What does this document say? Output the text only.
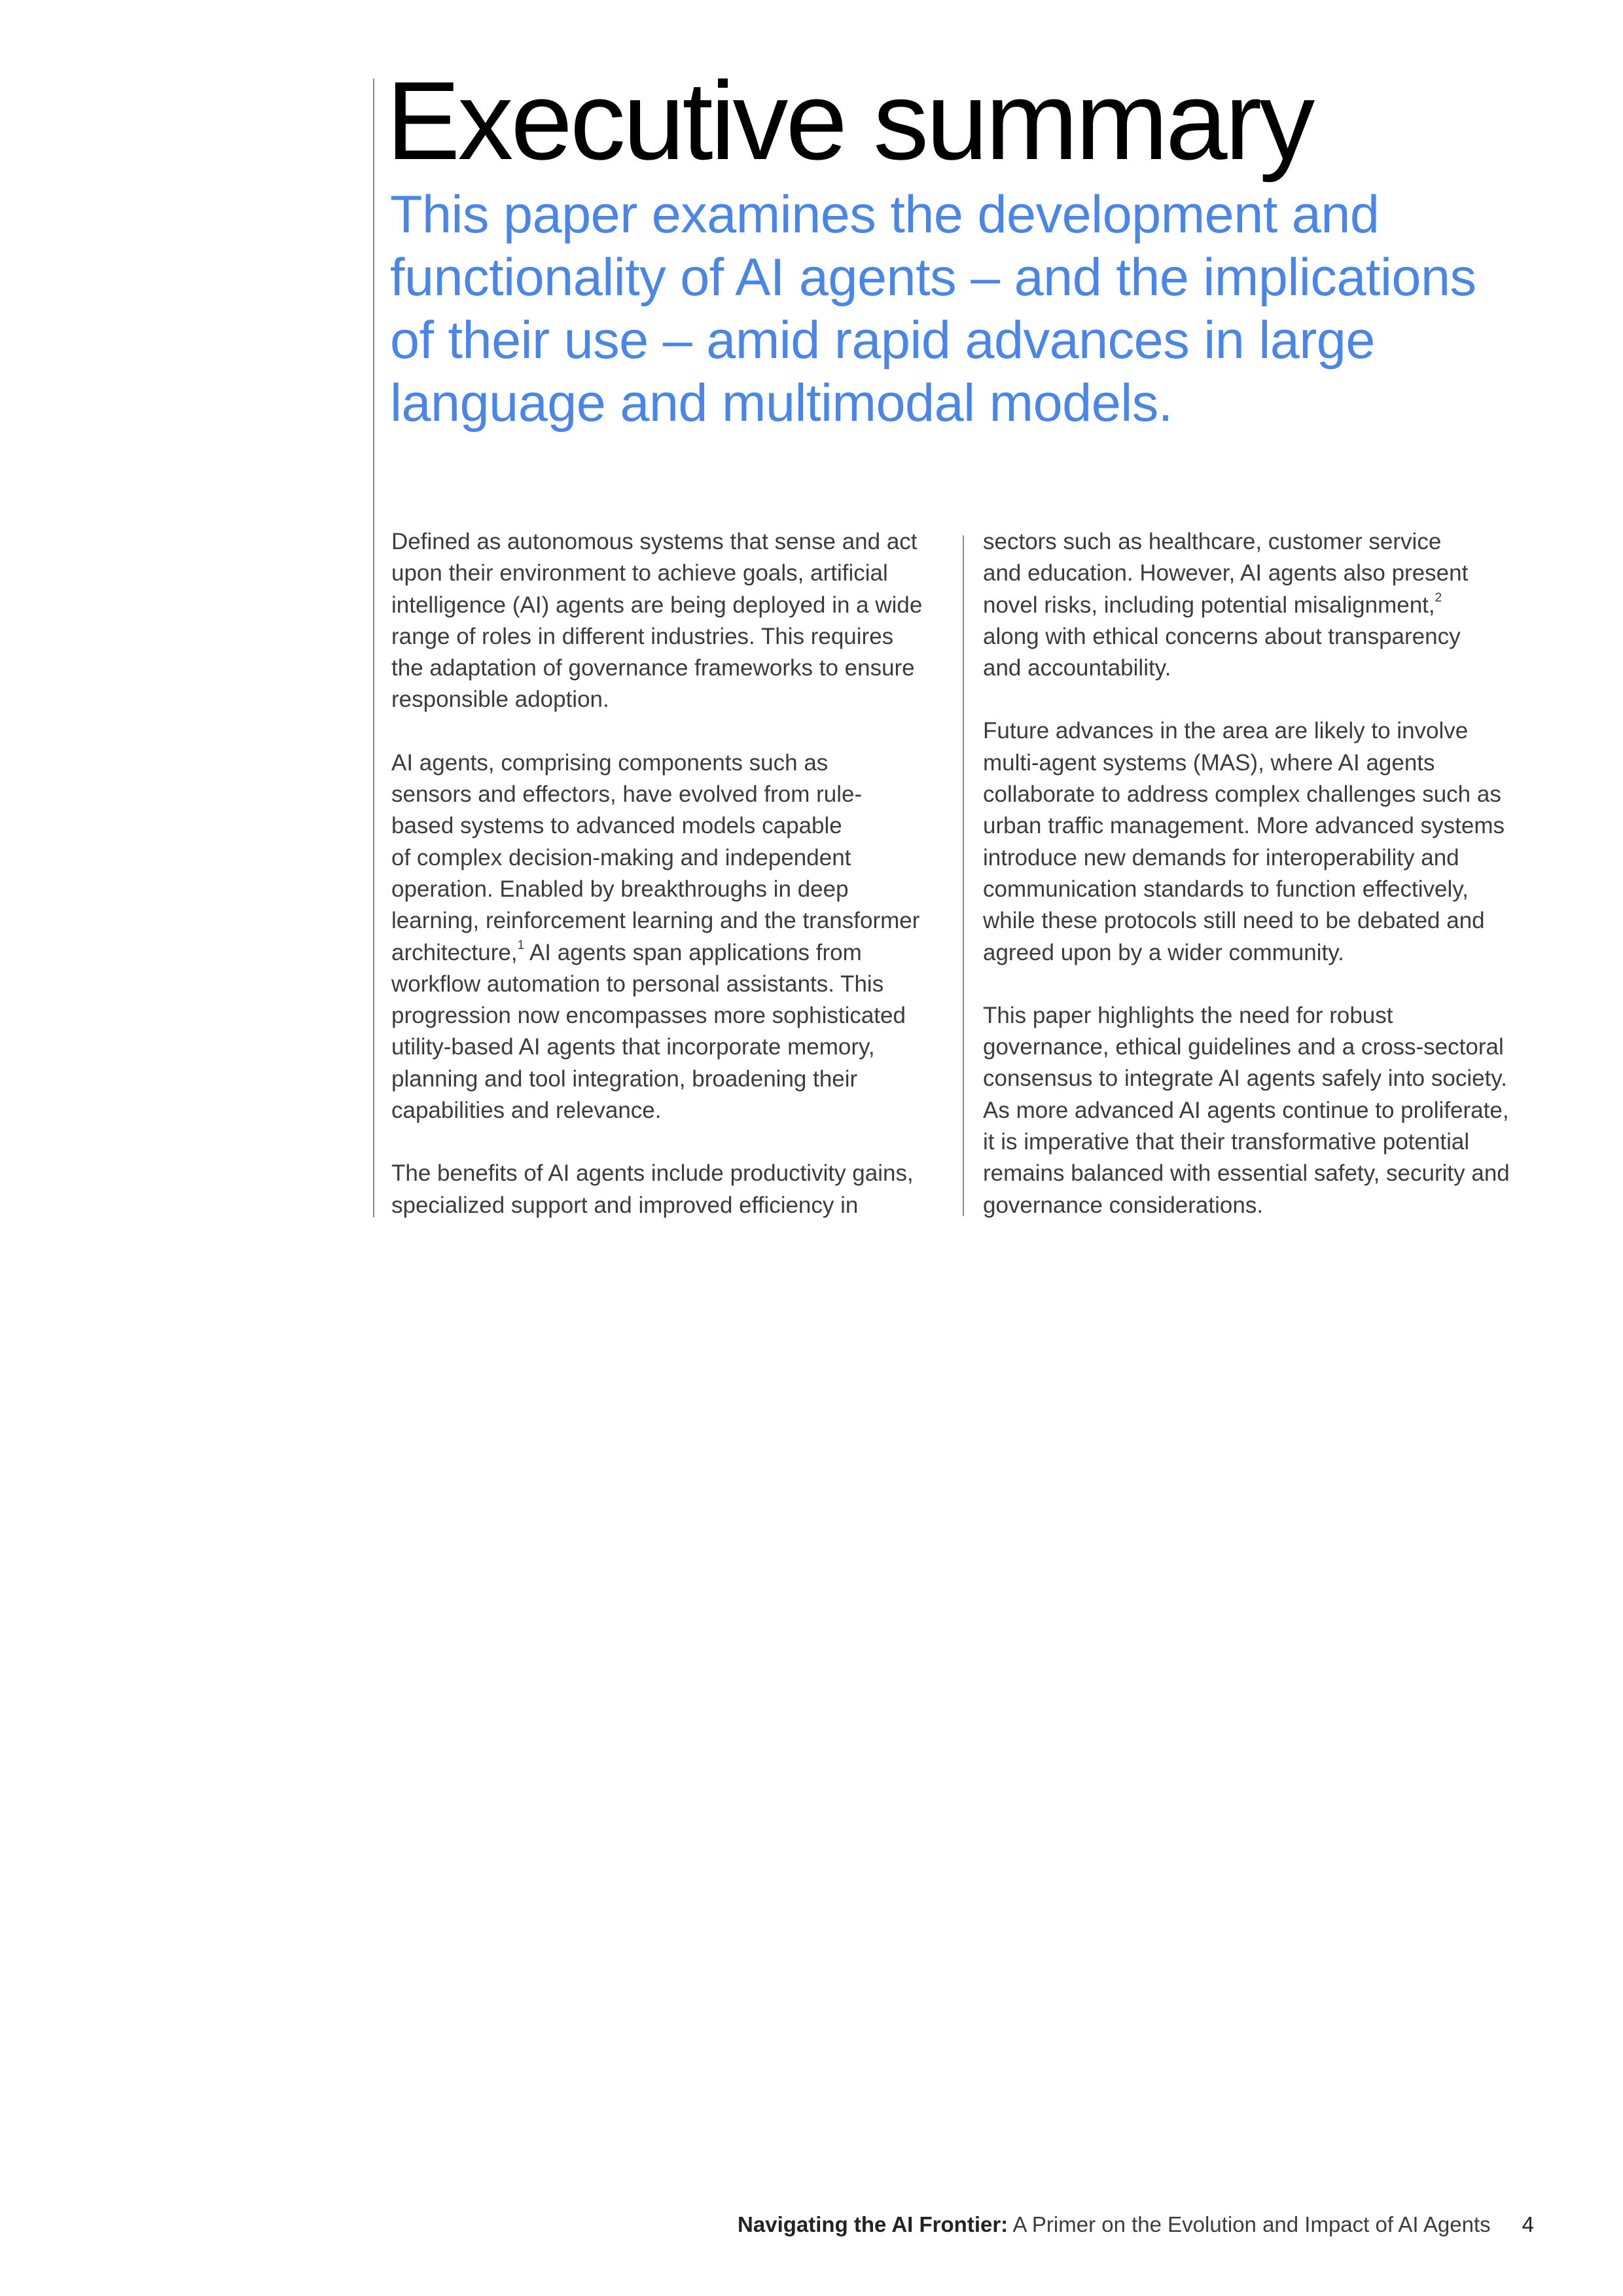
Executive summary
This paper examines the development and
functionality of AI agents – and the implications
of their use – amid rapid advances in large
language and multimodal models.

Defined as autonomous systems that sense and act
upon their environment to achieve goals, artificial
intelligence (AI) agents are being deployed in a wide
range of roles in different industries. This requires
the adaptation of governance frameworks to ensure
responsible adoption.

AI agents, comprising components such as
sensors and effectors, have evolved from rule-
based systems to advanced models capable
of complex decision-making and independent
operation. Enabled by breakthroughs in deep
learning, reinforcement learning and the transformer
architecture,$^1$ AI agents span applications from
workflow automation to personal assistants. This
progression now encompasses more sophisticated
utility-based AI agents that incorporate memory,
planning and tool integration, broadening their
capabilities and relevance.

The benefits of AI agents include productivity gains,
specialized support and improved efficiency in

sectors such as healthcare, customer service
and education. However, AI agents also present
novel risks, including potential misalignment,$^2$
along with ethical concerns about transparency
and accountability.

Future advances in the area are likely to involve
multi-agent systems (MAS), where AI agents
collaborate to address complex challenges such as
urban traffic management. More advanced systems
introduce new demands for interoperability and
communication standards to function effectively,
while these protocols still need to be debated and
agreed upon by a wider community.

This paper highlights the need for robust
governance, ethical guidelines and a cross-sectoral
consensus to integrate AI agents safely into society.
As more advanced AI agents continue to proliferate,
it is imperative that their transformative potential
remains balanced with essential safety, security and
governance considerations.

Navigating the AI Frontier: A Primer on the Evolution and Impact of AI Agents 4
